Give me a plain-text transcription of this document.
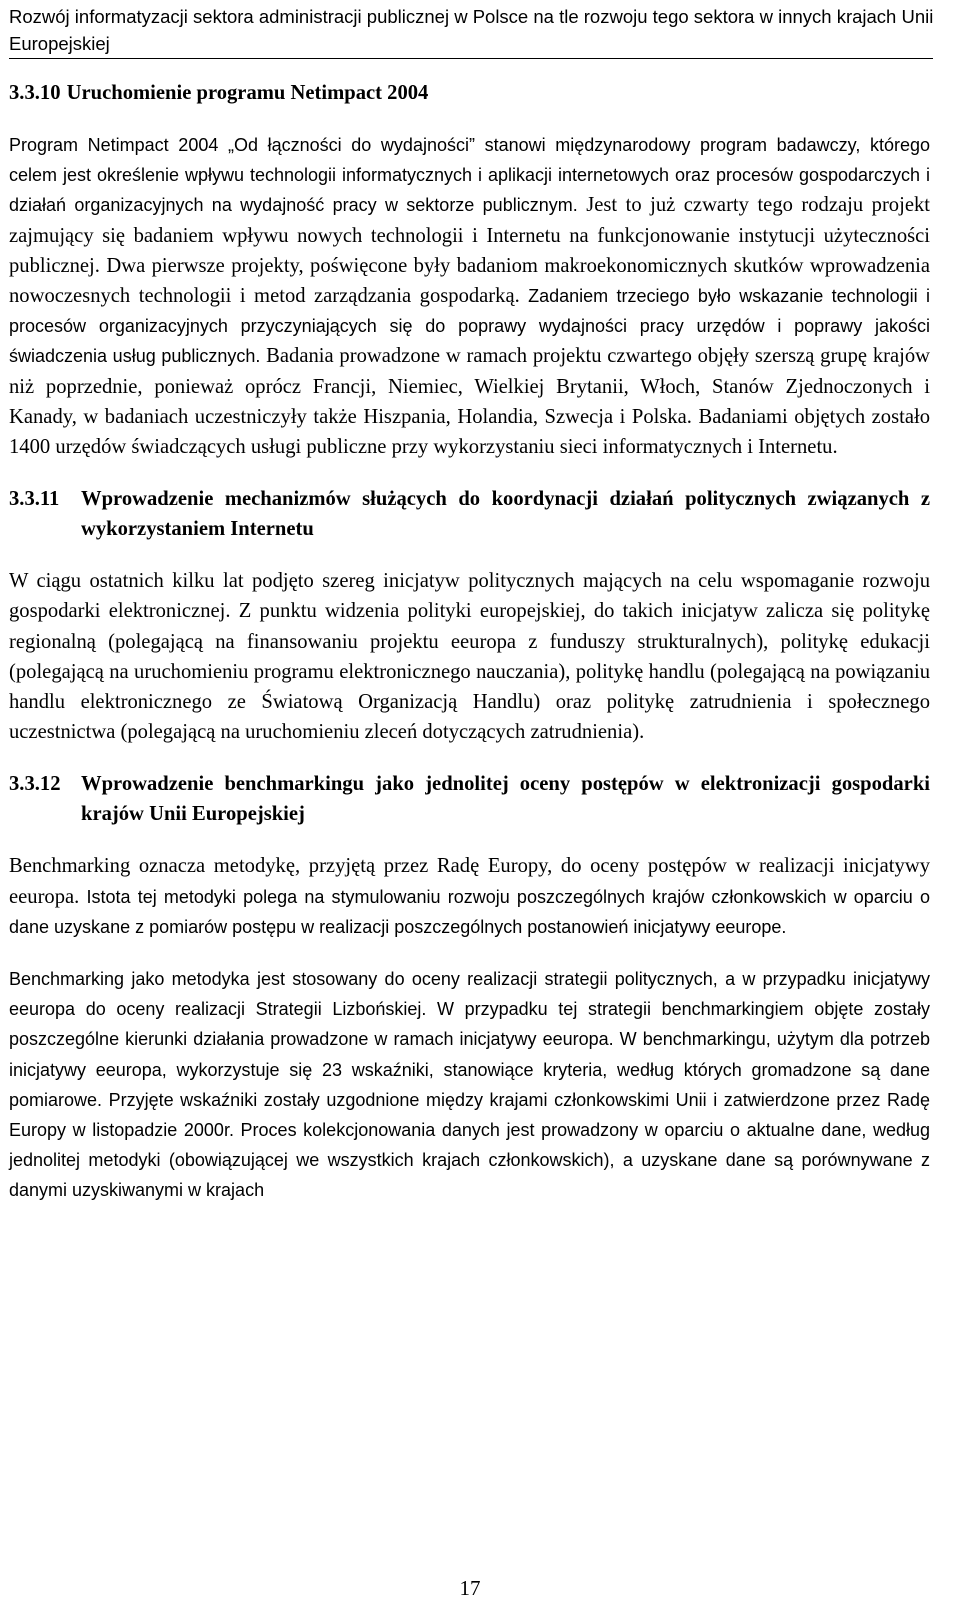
Rozwój informatyzacji sektora administracji publicznej w Polsce na tle rozwoju tego sektora w innych krajach Unii Europejskiej
3.3.10 Uruchomienie programu Netimpact 2004

Program Netimpact 2004 „Od łączności do wydajności” stanowi międzynarodowy program badawczy, którego celem jest określenie wpływu technologii informatycznych i aplikacji internetowych oraz procesów gospodarczych i działań organizacyjnych na wydajność pracy w sektorze publicznym. Jest to już czwarty tego rodzaju projekt zajmujący się badaniem wpływu nowych technologii i Internetu na funkcjonowanie instytucji użyteczności publicznej. Dwa pierwsze projekty, poświęcone były badaniom makroekonomicznych skutków wprowadzenia nowoczesnych technologii i metod zarządzania gospodarką. Zadaniem trzeciego było wskazanie technologii i procesów organizacyjnych przyczyniających się do poprawy wydajności pracy urzędów i poprawy jakości świadczenia usług publicznych. Badania prowadzone w ramach projektu czwartego objęły szerszą grupę krajów niż poprzednie, ponieważ oprócz Francji, Niemiec, Wielkiej Brytanii, Włoch, Stanów Zjednoczonych i Kanady, w badaniach uczestniczyły także Hiszpania, Holandia, Szwecja i Polska. Badaniami objętych zostało 1400 urzędów świadczących usługi publiczne przy wykorzystaniu sieci informatycznych i Internetu.

3.3.11	Wprowadzenie mechanizmów służących do koordynacji działań politycznych związanych z wykorzystaniem Internetu

W ciągu ostatnich kilku lat podjęto szereg inicjatyw politycznych mających na celu wspomaganie rozwoju gospodarki elektronicznej. Z punktu widzenia polityki europejskiej, do takich inicjatyw zalicza się politykę regionalną (polegającą na finansowaniu projektu eeuropa z funduszy strukturalnych), politykę edukacji (polegającą na uruchomieniu programu elektronicznego nauczania), politykę handlu (polegającą na powiązaniu handlu elektronicznego ze Światową Organizacją Handlu) oraz politykę zatrudnienia i społecznego uczestnictwa (polegającą na uruchomieniu zleceń dotyczących zatrudnienia).

3.3.12 Wprowadzenie benchmarkingu jako jednolitej oceny postępów w elektronizacji gospodarki krajów Unii Europejskiej

Benchmarking oznacza metodykę, przyjętą przez Radę Europy, do oceny postępów w realizacji inicjatywy eeuropa. Istota tej metodyki polega na stymulowaniu rozwoju poszczególnych krajów członkowskich w oparciu o dane uzyskane z pomiarów postępu w realizacji poszczególnych postanowień inicjatywy eeurope.

Benchmarking jako metodyka jest stosowany do oceny realizacji strategii politycznych, a w przypadku inicjatywy eeuropa do oceny realizacji Strategii Lizbońskiej. W przypadku tej strategii benchmarkingiem objęte zostały poszczególne kierunki działania prowadzone w ramach inicjatywy eeuropa. W benchmarkingu, użytym dla potrzeb inicjatywy eeuropa, wykorzystuje się 23 wskaźniki, stanowiące kryteria, według których gromadzone są dane pomiarowe. Przyjęte wskaźniki zostały uzgodnione między krajami członkowskimi Unii i zatwierdzone przez Radę Europy w listopadzie 2000r. Proces kolekcjonowania danych jest prowadzony w oparciu o aktualne dane, według jednolitej metodyki (obowiązującej we wszystkich krajach członkowskich), a uzyskane dane są porównywane z danymi uzyskiwanymi w krajach

17
